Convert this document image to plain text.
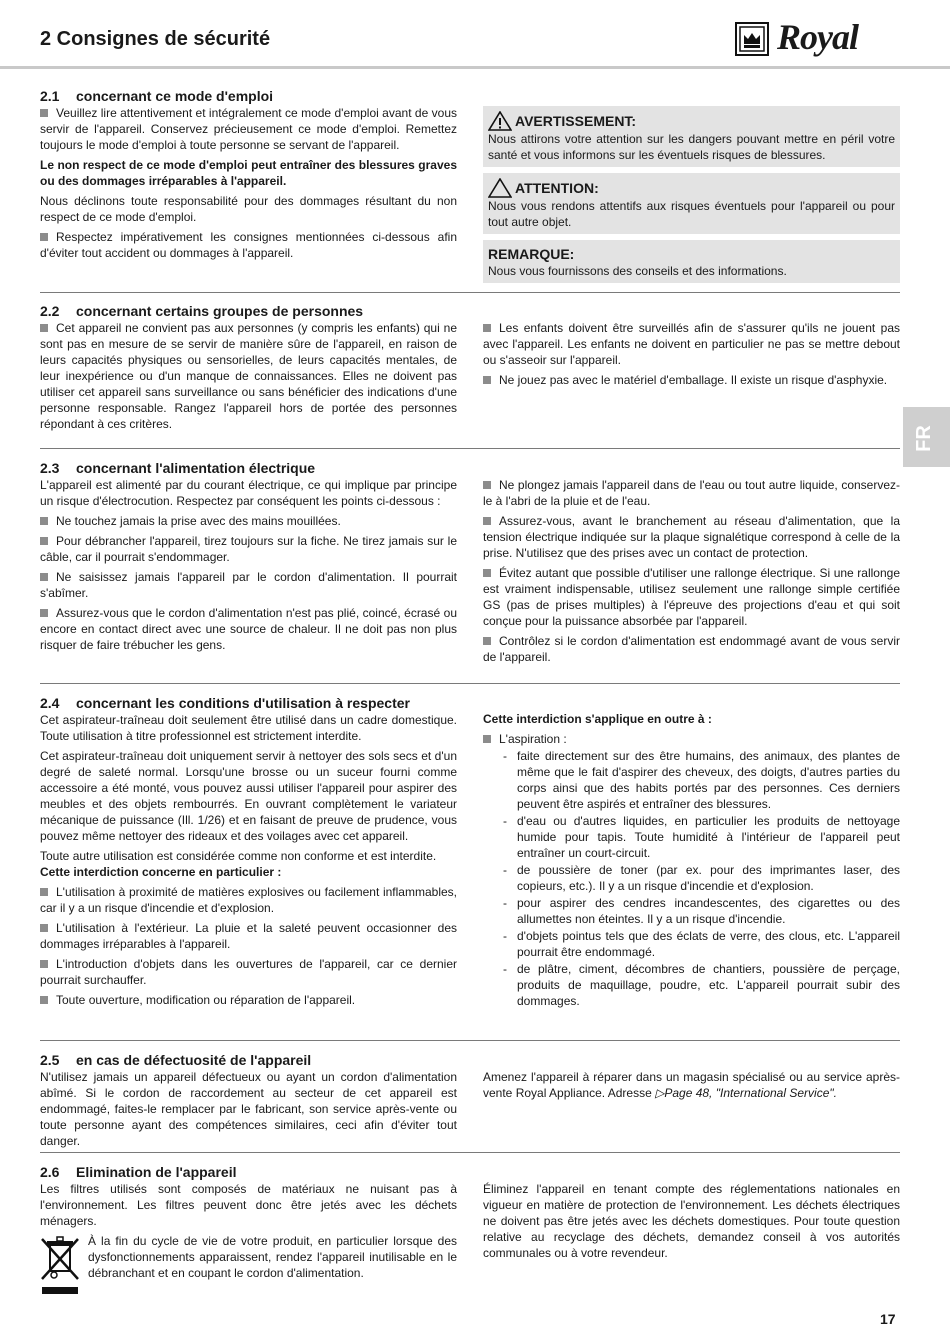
2 Consignes de sécurité	Royal
FR
2.1 concernant ce mode d'emploi

Veuillez lire attentivement et intégralement ce mode d'emploi avant de vous servir de l'appareil. Conservez précieusement ce mode d'emploi. Remettez toujours le mode d'emploi à toute personne se servant de l'appareil.

Le non respect de ce mode d'emploi peut entraîner des blessures graves ou des dommages irréparables à l'appareil.

Nous déclinons toute responsabilité pour des dommages résultant du non respect de ce mode d'emploi.

Respectez impérativement les consignes mentionnées ci-dessous afin d'éviter tout accident ou dommages à l'appareil.

AVERTISSEMENT:

Nous attirons votre attention sur les dangers pouvant mettre en péril votre santé et vous informons sur les éventuels risques de blessures.

ATTENTION:

Nous vous rendons attentifs aux risques éventuels pour l'appareil ou pour tout autre objet.

REMARQUE:

Nous vous fournissons des conseils et des informations.

2.2 concernant certains groupes de personnes

Cet appareil ne convient pas aux personnes (y compris les enfants) qui ne sont pas en mesure de se servir de manière sûre de l'appareil, en raison de leurs capacités physiques ou sensorielles, de leurs capacités mentales, de leur inexpérience ou d'un manque de connaissances. Elles ne doivent pas utiliser cet appareil sans surveillance ou sans bénéficier des indications d'une personne responsable. Rangez l'appareil hors de portée des personnes répondant à ces critères.

Les enfants doivent être surveillés afin de s'assurer qu'ils ne jouent pas avec l'appareil. Les enfants ne doivent en particulier ne pas se mettre debout ou s'asseoir sur l'appareil.

Ne jouez pas avec le matériel d'emballage. Il existe un risque d'asphyxie.

2.3 concernant l'alimentation électrique

L'appareil est alimenté par du courant électrique, ce qui implique par principe un risque d'électrocution. Respectez par conséquent les points ci-dessous :

Ne touchez jamais la prise avec des mains mouillées.

Pour débrancher l'appareil, tirez toujours sur la fiche. Ne tirez jamais sur le câble, car il pourrait s'endommager.

Ne saisissez jamais l'appareil par le cordon d'alimentation. Il pourrait s'abîmer.

Assurez-vous que le cordon d'alimentation n'est pas plié, coincé, écrasé ou encore en contact direct avec une source de chaleur. Il ne doit pas non plus risquer de faire trébucher les gens.

Ne plongez jamais l'appareil dans de l'eau ou tout autre liquide, conservez-le à l'abri de la pluie et de l'eau.

Assurez-vous, avant le branchement au réseau d'alimentation, que la tension électrique indiquée sur la plaque signalétique correspond à celle de la prise. N'utilisez que des prises avec un contact de protection.

Évitez autant que possible d'utiliser une rallonge électrique. Si une rallonge est vraiment indispensable, utilisez seulement une rallonge simple certifiée GS (pas de prises multiples) à l'épreuve des projections d'eau et qui soit conçue pour la puissance absorbée par l'appareil.

Contrôlez si le cordon d'alimentation est endommagé avant de vous servir de l'appareil.

2.4 concernant les conditions d'utilisation à respecter

Cet aspirateur-traîneau doit seulement être utilisé dans un cadre domestique. Toute utilisation à titre professionnel est strictement interdite.

Cet aspirateur-traîneau doit uniquement servir à nettoyer des sols secs et d'un degré de saleté normal. Lorsqu'une brosse ou un suceur fourni comme accessoire a été monté, vous pouvez aussi utiliser l'appareil pour aspirer des meubles et des objets rembourrés. En ouvrant complètement le variateur mécanique de puissance (Ill. 1/26) et en faisant de preuve de prudence, vous pouvez même nettoyer des rideaux et des voilages avec cet appareil.

Toute autre utilisation est considérée comme non conforme et est interdite.

Cette interdiction concerne en particulier :

L'utilisation à proximité de matières explosives ou facilement inflammables, car il y a un risque d'incendie et d'explosion.

L'utilisation à l'extérieur. La pluie et la saleté peuvent occasionner des dommages irréparables à l'appareil.

L'introduction d'objets dans les ouvertures de l'appareil, car ce dernier pourrait surchauffer.

Toute ouverture, modification ou réparation de l'appareil.

Cette interdiction s'applique en outre à :

L'aspiration :

- faite directement sur des être humains, des animaux, des plantes de même que le fait d'aspirer des cheveux, des doigts, d'autres parties du corps ainsi que des habits portés par des personnes. Ces derniers peuvent être aspirés et entraîner des blessures.
- d'eau ou d'autres liquides, en particulier les produits de nettoyage humide pour tapis. Toute humidité à l'intérieur de l'appareil peut entraîner un court-circuit.
- de poussière de toner (par ex. pour des imprimantes laser, des copieurs, etc.). Il y a un risque d'incendie et d'explosion.
- pour aspirer des cendres incandescentes, des cigarettes ou des allumettes non éteintes. Il y a un risque d'incendie.
- d'objets pointus tels que des éclats de verre, des clous, etc. L'appareil pourrait être endommagé.
- de plâtre, ciment, décombres de chantiers, poussière de perçage, produits de maquillage, poudre, etc. L'appareil pourrait subir des dommages.
2.5 en cas de défectuosité de l'appareil

N'utilisez jamais un appareil défectueux ou ayant un cordon d'alimentation abîmé. Si le cordon de raccordement au secteur de cet appareil est endommagé, faites-le remplacer par le fabricant, son service après-vente ou toute personne ayant des compétences similaires, ceci afin d'éviter tout danger.

Amenez l'appareil à réparer dans un magasin spécialisé ou au service après-vente Royal Appliance. Adresse ▷Page 48, "International Service".

2.6 Elimination de l'appareil

Les filtres utilisés sont composés de matériaux ne nuisant pas à l'environnement. Les filtres peuvent donc être jetés avec les déchets ménagers.

À la fin du cycle de vie de votre produit, en particulier lorsque des dysfonctionnements apparaissent, rendez l'appareil inutilisable en le débranchant et en coupant le cordon d'alimentation.

Éliminez l'appareil en tenant compte des réglementations nationales en vigueur en matière de protection de l'environnement. Les déchets électriques ne doivent pas être jetés avec les déchets domestiques. Pour toute question relative au recyclage des déchets, demandez conseil à vos autorités communales ou à votre revendeur.

17
